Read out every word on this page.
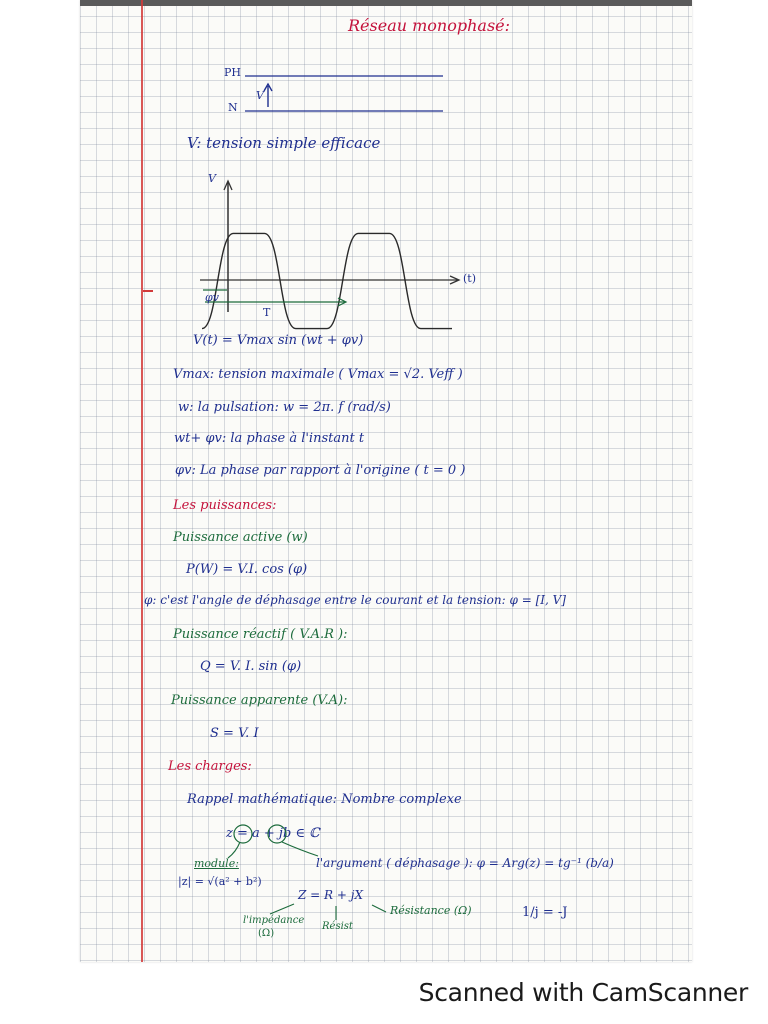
Réseau monophasé:
PH
N
V
V: tension simple efficace
V
(t)
φv
T
V(t) = Vmax sin (wt + φv)
Vmax: tension maximale ( Vmax = √2. Veff )
w: la pulsation: w = 2π. f (rad/s)
wt+ φv: la phase à l'instant t
φv: La phase par rapport à l'origine ( t = 0 )
Les puissances:
Puissance active (w)
P(W) = V.I. cos (φ)
φ: c'est l'angle de déphasage entre le courant et la tension: φ = [I, V]
Puissance réactif ( V.A.R ):
Q = V. I. sin (φ)
Puissance apparente (V.A):
S = V. I
Les charges:
Rappel mathématique: Nombre complexe
z = a + jb ∈ ℂ
module:
|z| = √(a² + b²)
l'argument ( déphasage ): φ = Arg(z) = tg⁻¹ (b/a)
Z = R + jX
l'impédance
(Ω)
Résist
Résistance (Ω)	1/j = -J
Scanned with CamScanner
